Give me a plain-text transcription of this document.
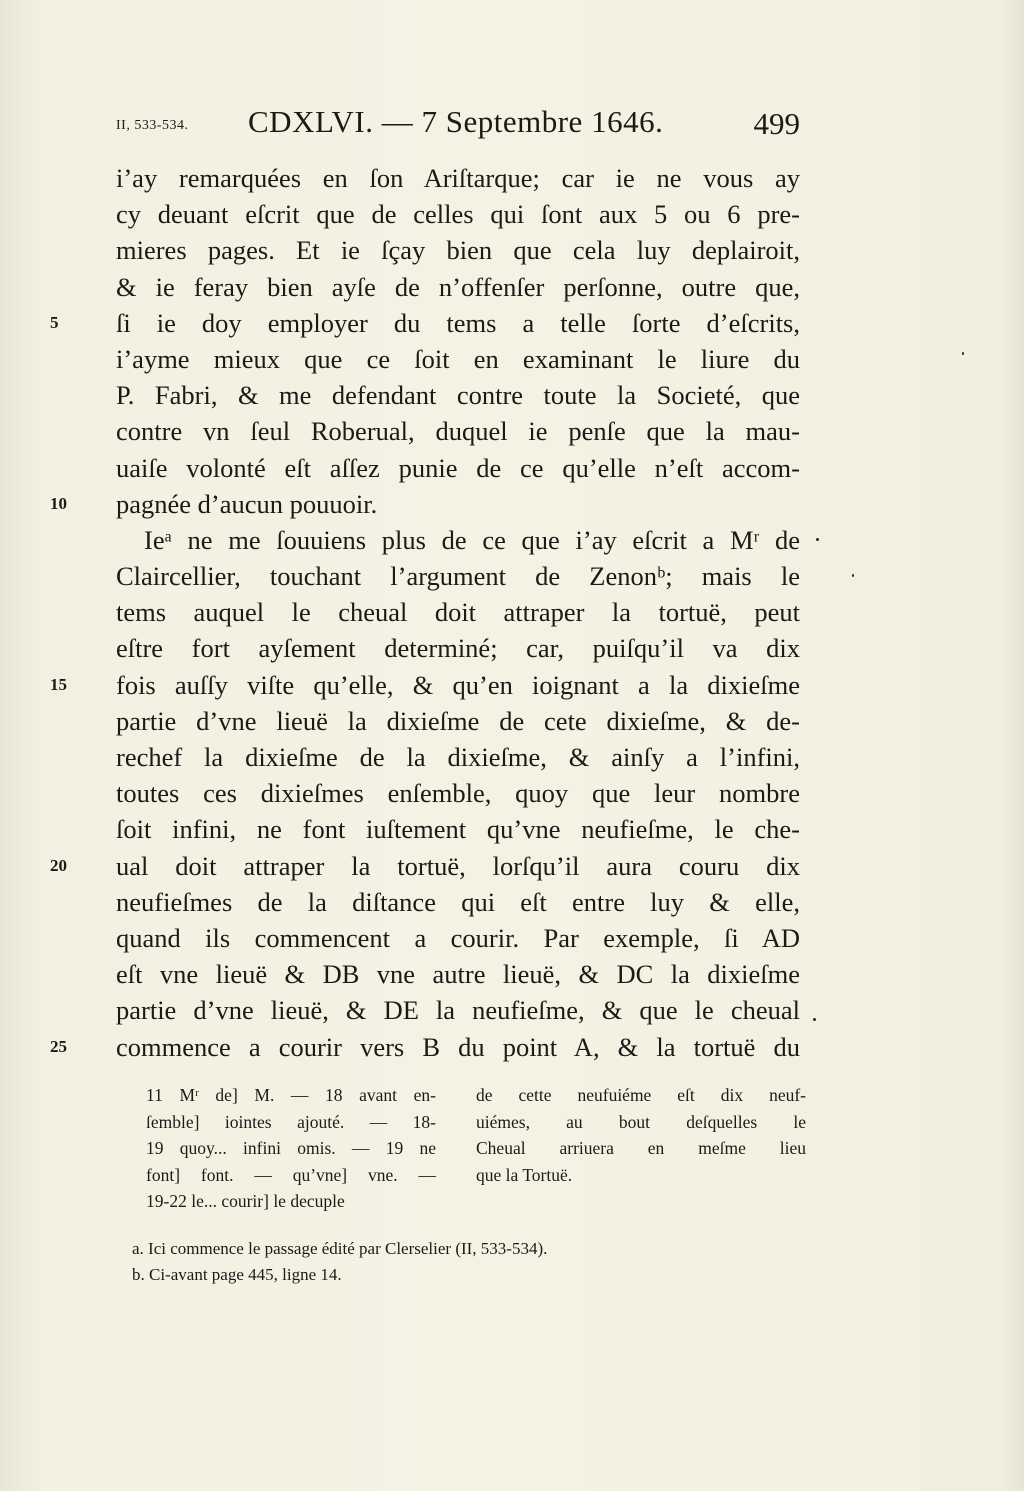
II, 533-534. CDXLVI. — 7 Septembre 1646.	499
i’ay remarquées en ſon Ariſtarque; car ie ne vous ay
cy deuant eſcrit que de celles qui ſont aux 5 ou 6 pre-
mieres pages. Et ie ſçay bien que cela luy deplairoit,
& ie feray bien ayſe de n’offenſer perſonne, outre que,
5	ſi ie doy employer du tems a telle ſorte d’eſcrits,
i’ayme mieux que ce ſoit en examinant le liure du
P. Fabri, & me defendant contre toute la Societé, que
contre vn ſeul Roberual, duquel ie penſe que la mau-
uaiſe volonté eſt aſſez punie de ce qu’elle n’eſt accom-
10	pagnée d’aucun pouuoir.
Ieᵃ ne me ſouuiens plus de ce que i’ay eſcrit a Mʳ de
Claircellier, touchant l’argument de Zenonᵇ; mais le
tems auquel le cheual doit attraper la tortuë, peut
eſtre fort ayſement determiné; car, puiſqu’il va dix
15	fois auſſy viſte qu’elle, & qu’en ioignant a la dixieſme
partie d’vne lieuë la dixieſme de cete dixieſme, & de-
rechef la dixieſme de la dixieſme, & ainſy a l’infini,
toutes ces dixieſmes enſemble, quoy que leur nombre
ſoit infini, ne font iuſtement qu’vne neufieſme, le che-
20	ual doit attraper la tortuë, lorſqu’il aura couru dix
neufieſmes de la diſtance qui eſt entre luy & elle,
quand ils commencent a courir. Par exemple, ſi AD
eſt vne lieuë & DB vne autre lieuë, & DC la dixieſme
partie d’vne lieuë, & DE la neufieſme, & que le cheual
25	commence a courir vers B du point A, & la tortuë du
11 Mʳ de] M. — 18 avant en-
ſemble] iointes ajouté. — 18-
19 quoy... infini omis. — 19 ne
font] font. — qu’vne] vne. —
19-22 le... courir] le decuple
de cette neufuiéme eſt dix neuf-
uiémes, au bout deſquelles le
Cheual arriuera en meſme lieu
que la Tortuë.
a. Ici commence le passage édité par Clerselier (II, 533-534).
b. Ci-avant page 445, ligne 14.
